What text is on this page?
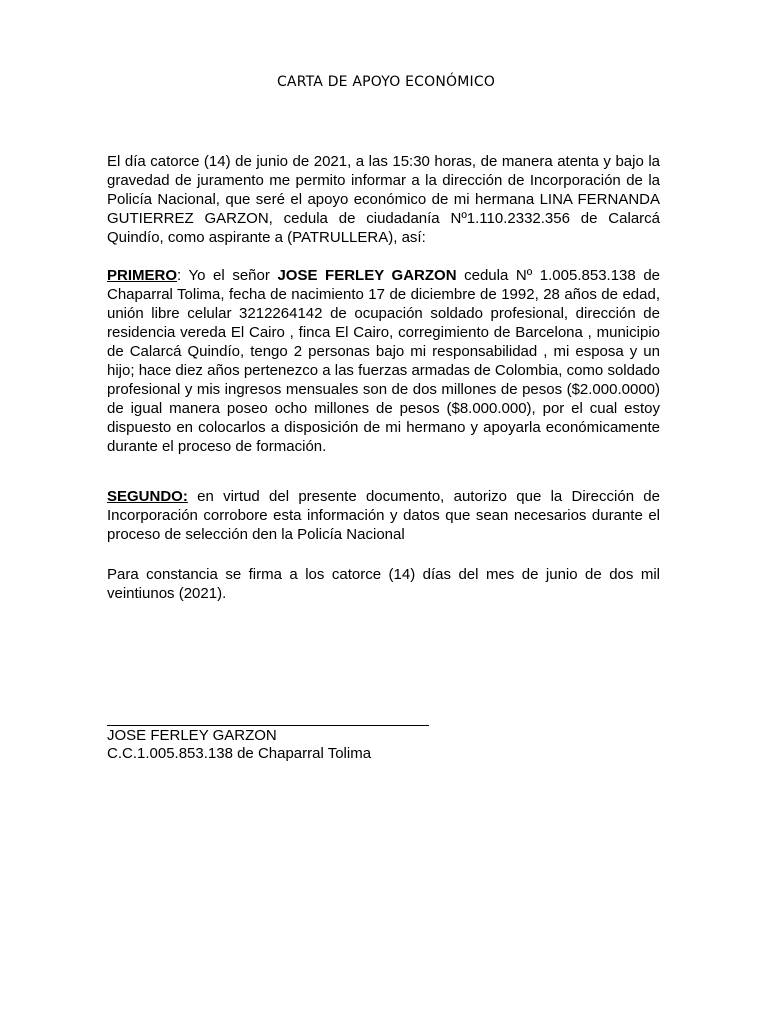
CARTA DE APOYO ECONÓMICO

El día catorce (14) de junio de 2021, a las 15:30 horas, de manera atenta y bajo la gravedad de juramento me permito informar a la dirección de Incorporación de la Policía Nacional, que seré el apoyo económico de mi hermana LINA FERNANDA GUTIERREZ GARZON, cedula de ciudadanía Nº1.110.2332.356 de Calarcá Quindío, como aspirante a (PATRULLERA), así:

PRIMERO: Yo el señor JOSE FERLEY GARZON cedula Nº 1.005.853.138 de Chaparral Tolima, fecha de nacimiento 17 de diciembre de 1992, 28 años de edad, unión libre celular 3212264142 de ocupación soldado profesional, dirección de residencia vereda El Cairo , finca El Cairo, corregimiento de Barcelona , municipio de Calarcá Quindío, tengo 2 personas bajo mi responsabilidad , mi esposa y un hijo; hace diez años pertenezco a las fuerzas armadas de Colombia, como soldado profesional y mis ingresos mensuales son de dos millones de pesos ($2.000.0000) de igual manera poseo ocho millones de pesos ($8.000.000), por el cual estoy dispuesto en colocarlos a disposición de mi hermano y apoyarla económicamente durante el proceso de formación.

SEGUNDO: en virtud del presente documento, autorizo que la Dirección de Incorporación corrobore esta información y datos que sean necesarios durante el proceso de selección den la Policía Nacional

Para constancia se firma a los catorce (14) días del mes de junio de dos mil veintiunos (2021).

JOSE FERLEY GARZON
C.C.1.005.853.138 de Chaparral Tolima
